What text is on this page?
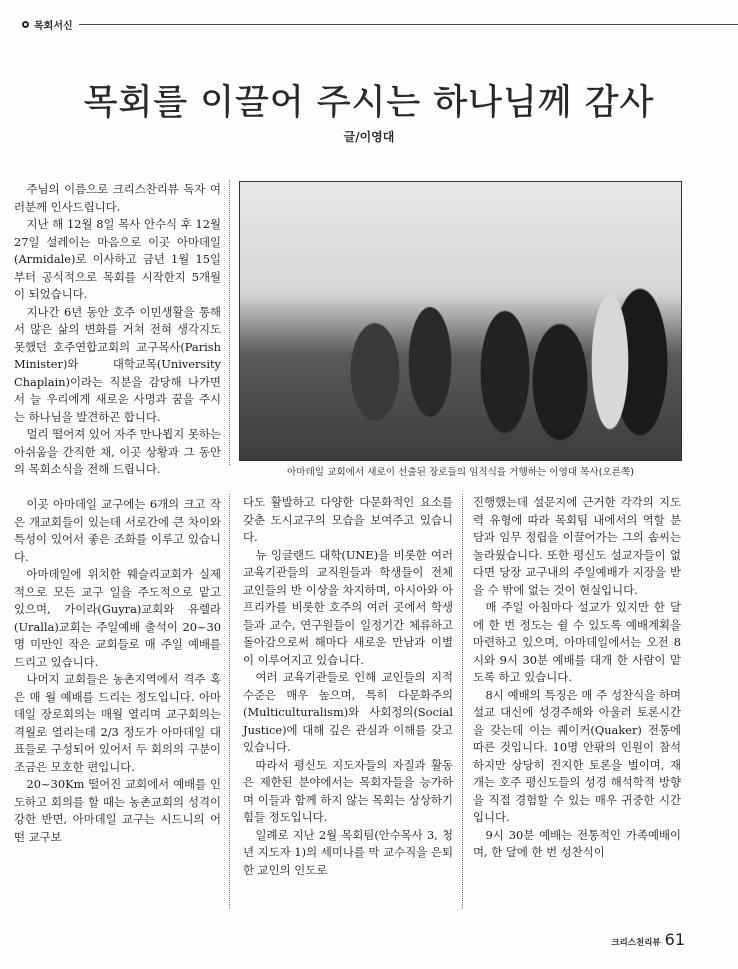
목회서신
목회를 이끌어 주시는 하나님께 감사
글/이영대

주님의 이름으로 크리스찬리뷰 독자 여러분께 인사드립니다.

지난 해 12월 8일 목사 안수식 후 12월 27일 설레이는 마음으로 이곳 아마데일(Armidale)로 이사하고 금년 1월 15일부터 공식적으로 목회를 시작한지 5개월이 되었습니다.

지나간 6년 동안 호주 이민생활을 통해서 많은 삶의 변화를 거쳐 전혀 생각지도 못했던 호주연합교회의 교구목사(Parish Minister)와 대학교목(University Chaplain)이라는 직분을 감당해 나가면서 늘 우리에게 새로운 사명과 꿈을 주시는 하나님을 발견하곤 합니다.

멀리 떨어져 있어 자주 만나뵙지 못하는 아쉬움을 간직한 채, 이곳 상황과 그 동안의 목회소식을 전해 드립니다.

이곳 아마데일 교구에는 6개의 크고 작은 개교회들이 있는데 서로간에 큰 차이와 특성이 있어서 좋은 조화를 이루고 있습니다.

아마데일에 위치한 웨슬리교회가 실제적으로 모든 교구 일을 주도적으로 맡고 있으며, 가이라(Guyra)교회와 유렐라(Uralla)교회는 주일예배 출석이 20~30명 미만인 작은 교회들로 매 주일 예배를 드리고 있습니다.

나머지 교회들은 농촌지역에서 격주 혹은 매 월 예배를 드리는 정도입니다. 아마데일 장로회의는 매월 열리며 교구회의는 격월로 열리는데 2/3 정도가 아마데일 대표들로 구성되어 있어서 두 회의의 구분이 조금은 모호한 편입니다.

20~30Km 떨어진 교회에서 예배를 인도하고 회의를 할 때는 농촌교회의 성격이 강한 반면, 아마데일 교구는 시드니의 어떤 교구보

아마데일 교회에서 새로이 선출된 장로들의 임직식을 거행하는 이영대 목사(오른쪽)

다도 활발하고 다양한 다문화적인 요소를 갖춘 도시교구의 모습을 보여주고 있습니다.

뉴 잉글랜드 대학(UNE)을 비롯한 여러 교육기관들의 교직원들과 학생들이 전체 교인들의 반 이상을 차지하며, 아시아와 아프리카를 비롯한 호주의 여러 곳에서 학생들과 교수, 연구원들이 일정기간 체류하고 돌아감으로써 해마다 새로운 만남과 이별이 이루어지고 있습니다.

여러 교육기관들로 인해 교인들의 지적수준은 매우 높으며, 특히 다문화주의(Multiculturalism)와 사회정의(Social Justice)에 대해 깊은 관심과 이해를 갖고 있습니다.

따라서 평신도 지도자들의 자질과 활동은 제한된 분야에서는 목회자들을 능가하며 이들과 함께 하지 않는 목회는 상상하기 힘들 정도입니다.

일례로 지난 2월 목회팀(안수목사 3, 청년 지도자 1)의 세미나를 막 교수직을 은퇴한 교인의 인도로

진행했는데 설문지에 근거한 각각의 지도력 유형에 따라 목회팀 내에서의 역할 분담과 임무 정립을 이끌어가는 그의 솜씨는 놀라웠습니다. 또한 평신도 설교자들이 없다면 당장 교구내의 주일예배가 지장을 받을 수 밖에 없는 것이 현실입니다.

매 주일 아침마다 설교가 있지만 한 달에 한 번 정도는 쉴 수 있도록 예배계획을 마련하고 있으며, 아마데일에서는 오전 8시와 9시 30분 예배를 대개 한 사람이 맡도록 하고 있습니다.

8시 예배의 특징은 매 주 성찬식을 하며 설교 대신에 성경주해와 아울러 토론시간을 갖는데 이는 퀘이커(Quaker) 전통에 따른 것입니다. 10명 안팎의 인원이 참석하지만 상당히 진지한 토론을 벌이며, 재개는 호주 평신도들의 성경 해석학적 방향을 직접 경험할 수 있는 매우 귀중한 시간입니다.

9시 30분 예배는 전통적인 가족예배이며, 한 달에 한 번 성찬식이

크리스천리뷰 61
